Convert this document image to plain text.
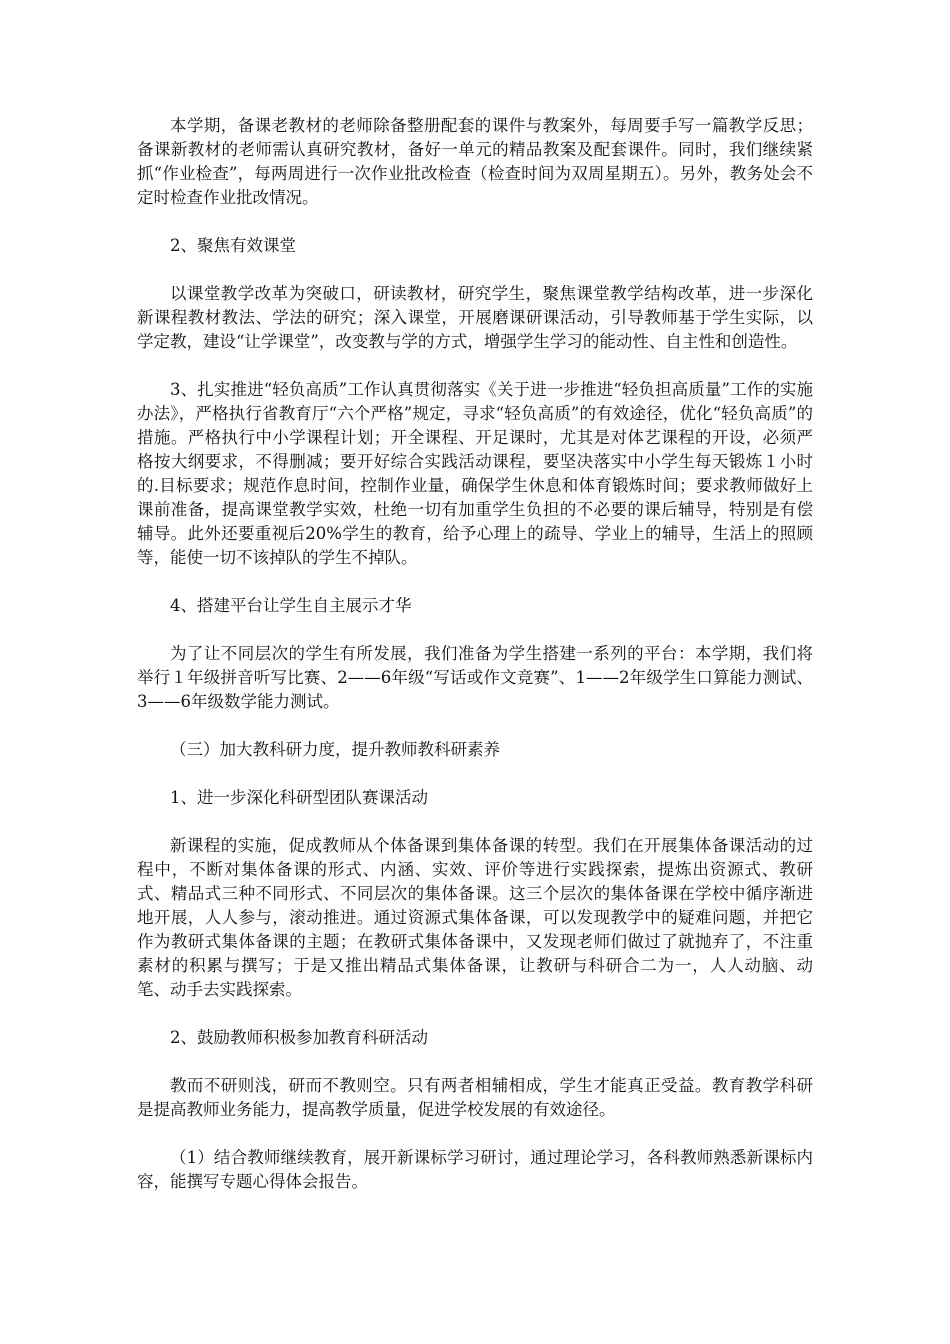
本学期，备课老教材的老师除备整册配套的课件与教案外，每周要手写一篇教学反思；备课新教材的老师需认真研究教材，备好一单元的精品教案及配套课件。同时，我们继续紧抓“作业检查”，每两周进行一次作业批改检查（检查时间为双周星期五）。另外，教务处会不定时检查作业批改情况。

2、聚焦有效课堂

以课堂教学改革为突破口，研读教材，研究学生，聚焦课堂教学结构改革，进一步深化新课程教材教法、学法的研究；深入课堂，开展磨课研课活动，引导教师基于学生实际，以学定教，建设“让学课堂”，改变教与学的方式，增强学生学习的能动性、自主性和创造性。

3、扎实推进“轻负高质”工作认真贯彻落实《关于进一步推进“轻负担高质量”工作的实施办法》，严格执行省教育厅“六个严格”规定，寻求“轻负高质”的有效途径，优化“轻负高质”的措施。严格执行中小学课程计划；开全课程、开足课时，尤其是对体艺课程的开设，必须严格按大纲要求，不得删减；要开好综合实践活动课程，要坚决落实中小学生每天锻炼１小时的.目标要求；规范作息时间，控制作业量，确保学生休息和体育锻炼时间；要求教师做好上课前准备，提高课堂教学实效，杜绝一切有加重学生负担的不必要的课后辅导，特别是有偿辅导。此外还要重视后20%学生的教育，给予心理上的疏导、学业上的辅导，生活上的照顾等，能使一切不该掉队的学生不掉队。

4、搭建平台让学生自主展示才华

为了让不同层次的学生有所发展，我们准备为学生搭建一系列的平台：本学期，我们将举行１年级拼音听写比赛、2——6年级“写话或作文竞赛”、1——2年级学生口算能力测试、3——6年级数学能力测试。

（三）加大教科研力度，提升教师教科研素养

1、进一步深化科研型团队赛课活动

新课程的实施，促成教师从个体备课到集体备课的转型。我们在开展集体备课活动的过程中，不断对集体备课的形式、内涵、实效、评价等进行实践探索，提炼出资源式、教研式、精品式三种不同形式、不同层次的集体备课。这三个层次的集体备课在学校中循序渐进地开展，人人参与，滚动推进。通过资源式集体备课，可以发现教学中的疑难问题，并把它作为教研式集体备课的主题；在教研式集体备课中，又发现老师们做过了就抛弃了，不注重素材的积累与撰写；于是又推出精品式集体备课，让教研与科研合二为一，人人动脑、动笔、动手去实践探索。

2、鼓励教师积极参加教育科研活动

教而不研则浅，研而不教则空。只有两者相辅相成，学生才能真正受益。教育教学科研是提高教师业务能力，提高教学质量，促进学校发展的有效途径。

（1）结合教师继续教育，展开新课标学习研讨，通过理论学习，各科教师熟悉新课标内容，能撰写专题心得体会报告。
